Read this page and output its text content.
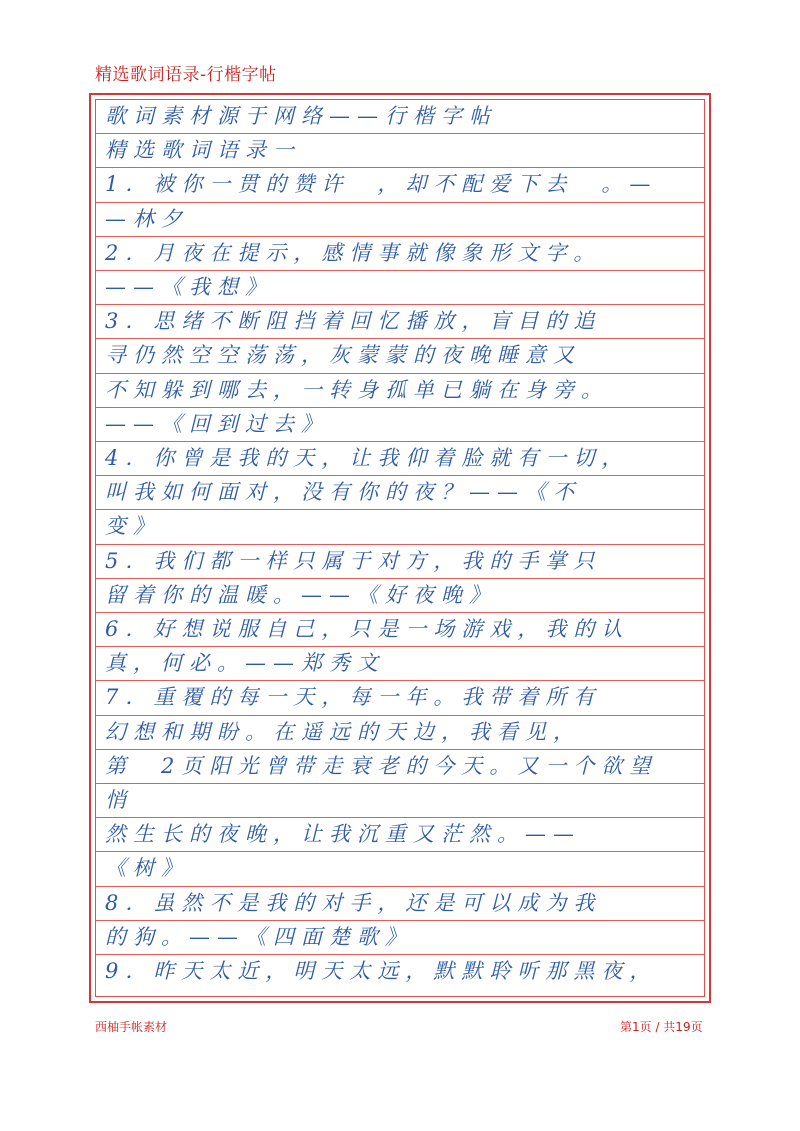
精选歌词语录-行楷字帖
歌词素材源于网络——行楷字帖
精选歌词语录一
1．被你一贯的赞许　，却不配爱下去　。—
—林夕
2．月夜在提示，感情事就像象形文字。
——《我想》
3．思绪不断阻挡着回忆播放，盲目的追
寻仍然空空荡荡，灰蒙蒙的夜晚睡意又
不知躲到哪去，一转身孤单已躺在身旁。
——《回到过去》
4．你曾是我的天，让我仰着脸就有一切，
叫我如何面对，没有你的夜？——《不
变》
5．我们都一样只属于对方，我的手掌只
留着你的温暖。——《好夜晚》
6．好想说服自己，只是一场游戏，我的认
真，何必。——郑秀文
7．重覆的每一天，每一年。我带着所有
幻想和期盼。在遥远的天边，我看见，
第　2页阳光曾带走衰老的今天。又一个欲望
悄
然生长的夜晚，让我沉重又茫然。——
《树》
8．虽然不是我的对手，还是可以成为我
的狗。——《四面楚歌》
9．昨天太近，明天太远，默默聆听那黑夜，
西柚手帐素材	第1页 / 共19页
